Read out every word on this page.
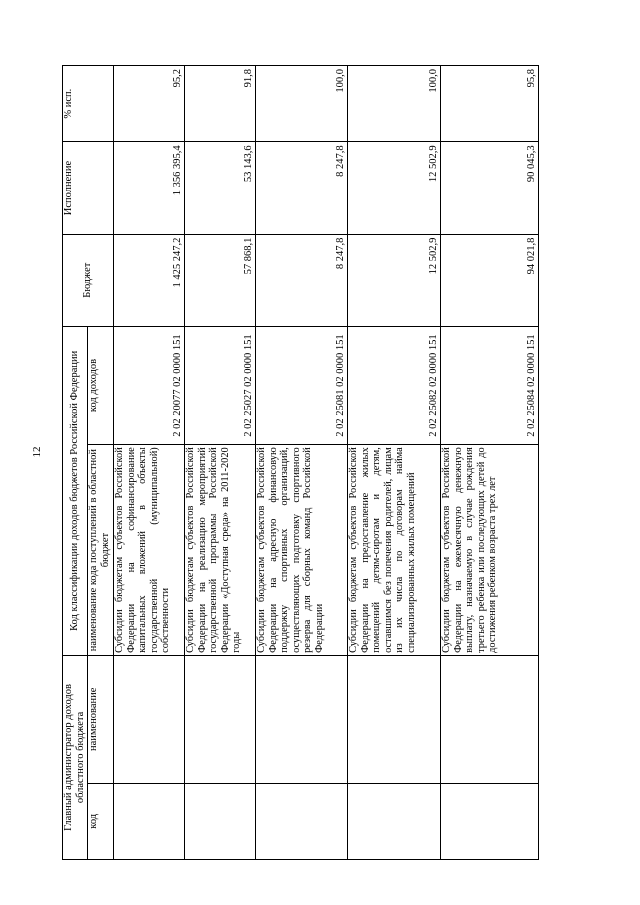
12
Главный администратор доходов областного бюджета		Код классификации доходов бюджетов Российской Федерации		Бюджет	Исполнение	% исп.
код	наименование	наименование кода поступлений в областной бюджет	код доходов			
		Субсидии бюджетам субъектов Российской Федерации на софинансирование капитальных вложений в объекты государственной (муниципальной) собственности	2 02 20077 02 0000 151	1 425 247,2	1 356 395,4	95,2
		Субсидии бюджетам субъектов Российской Федерации на реализацию мероприятий государственной программы Российской Федерации «Доступная среда» на 2011-2020 годы	2 02 25027 02 0000 151	57 868,1	53 143,6	91,8
		Субсидии бюджетам субъектов Российской Федерации на адресную финансовую поддержку спортивных организаций, осуществляющих подготовку спортивного резерва для сборных команд Российской Федерации	2 02 25081 02 0000 151	8 247,8	8 247,8	100,0
		Субсидии бюджетам субъектов Российской Федерации на предоставление жилых помещений детям-сиротам и детям, оставшимся без попечения родителей, лицам из их числа по договорам найма специализированных жилых помещений	2 02 25082 02 0000 151	12 502,9	12 502,9	100,0
		Субсидии бюджетам субъектов Российской Федерации на ежемесячную денежную выплату, назначаемую в случае рождения третьего ребенка или последующих детей до достижения ребенком возраста трех лет	2 02 25084 02 0000 151	94 021,8	90 045,3	95,8
